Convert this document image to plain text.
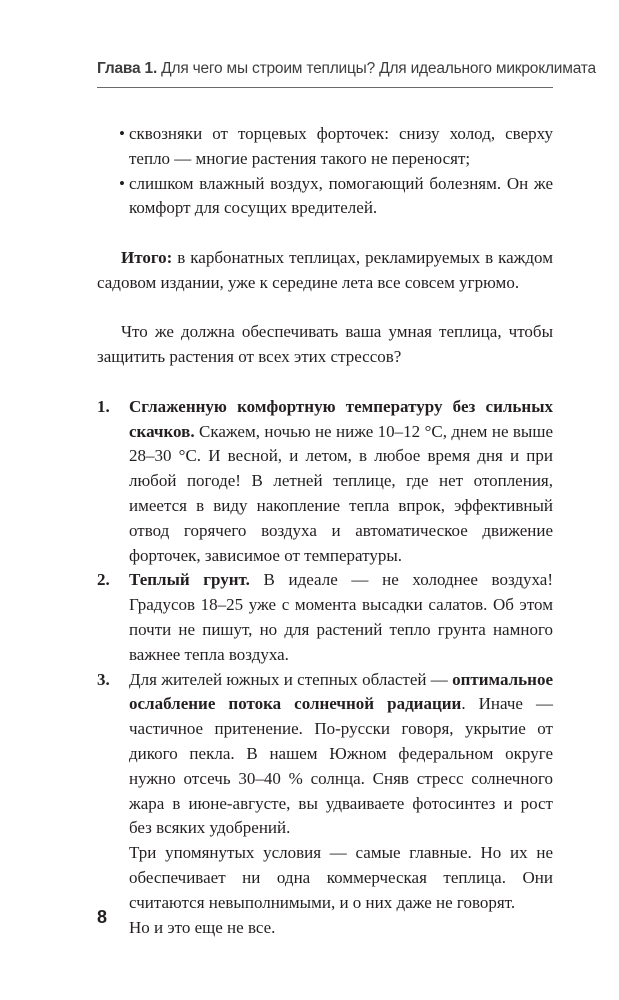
Глава 1. Для чего мы строим теплицы? Для идеального микроклимата
• сквозняки от торцевых форточек: снизу холод, сверху тепло — многие растения такого не переносят;
• слишком влажный воздух, помогающий болезням. Он же комфорт для сосущих вредителей.

Итого: в карбонатных теплицах, рекламируемых в каждом садовом издании, уже к середине лета все совсем угрюмо.

Что же должна обеспечивать ваша умная теплица, чтобы защитить растения от всех этих стрессов?

1. Сглаженную комфортную температуру без сильных скачков. Скажем, ночью не ниже 10–12 °C, днем не выше 28–30 °C. И весной, и летом, в любое время дня и при любой погоде! В летней теплице, где нет отопления, имеется в виду накопление тепла впрок, эффективный отвод горячего воздуха и автоматическое движение форточек, зависимое от температуры.
2. Теплый грунт. В идеале — не холоднее воздуха! Градусов 18–25 уже с момента высадки салатов. Об этом почти не пишут, но для растений тепло грунта намного важнее тепла воздуха.
3. Для жителей южных и степных областей — оптимальное ослабление потока солнечной радиации. Иначе — частичное притенение. По-русски говоря, укрытие от дикого пекла. В нашем Южном федеральном округе нужно отсечь 30–40 % солнца. Сняв стресс солнечного жара в июне-августе, вы удваиваете фотосинтез и рост без всяких удобрений.

Три упомянутых условия — самые главные. Но их не обеспечивает ни одна коммерческая теплица. Они считаются невыполнимыми, и о них даже не говорят.

Но и это еще не все.

8
